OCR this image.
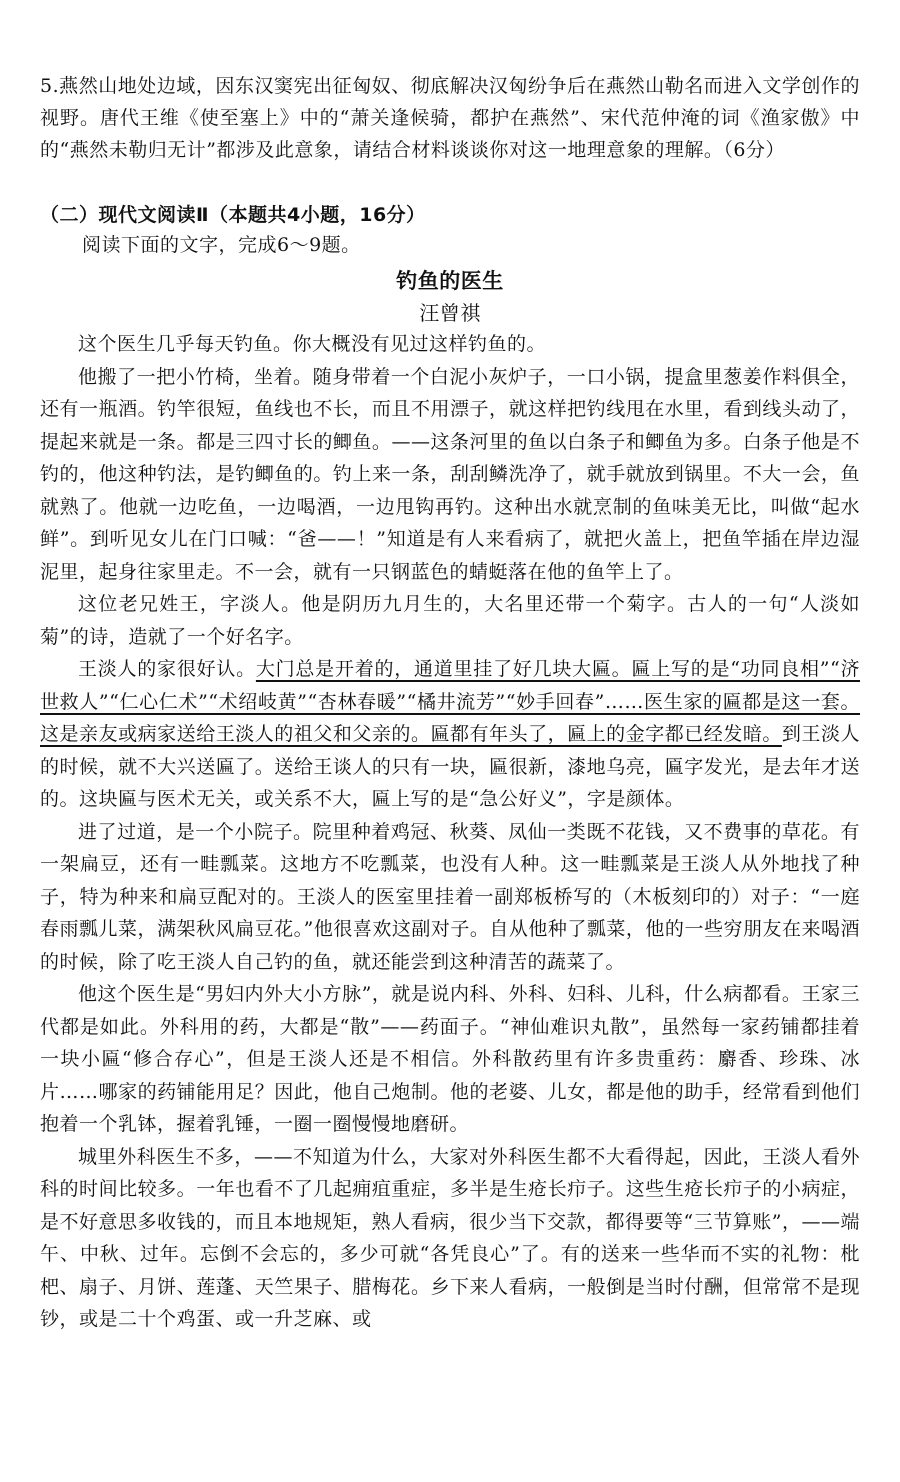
5.燕然山地处边域，因东汉窦宪出征匈奴、彻底解决汉匈纷争后在燕然山勒名而进入文学创作的视野。唐代王维《使至塞上》中的“萧关逢候骑，都护在燕然”、宋代范仲淹的词《渔家傲》中的“燕然未勒归无计”都涉及此意象，请结合材料谈谈你对这一地理意象的理解。（6分）

（二）现代文阅读Ⅱ（本题共4小题，16分）

阅读下面的文字，完成6～9题。

钓鱼的医生
汪曾祺

这个医生几乎每天钓鱼。你大概没有见过这样钓鱼的。

他搬了一把小竹椅，坐着。随身带着一个白泥小灰炉子，一口小锅，提盒里葱姜作料俱全，还有一瓶酒。钓竿很短，鱼线也不长，而且不用漂子，就这样把钓线甩在水里，看到线头动了，提起来就是一条。都是三四寸长的鲫鱼。——这条河里的鱼以白条子和鲫鱼为多。白条子他是不钓的，他这种钓法，是钓鲫鱼的。钓上来一条，刮刮鳞洗净了，就手就放到锅里。不大一会，鱼就熟了。他就一边吃鱼，一边喝酒，一边甩钩再钓。这种出水就烹制的鱼味美无比，叫做“起水鲜”。到听见女儿在门口喊：“爸——！”知道是有人来看病了，就把火盖上，把鱼竿插在岸边湿泥里，起身往家里走。不一会，就有一只钢蓝色的蜻蜓落在他的鱼竿上了。

这位老兄姓王，字淡人。他是阴历九月生的，大名里还带一个菊字。古人的一句“人淡如菊”的诗，造就了一个好名字。

王淡人的家很好认。大门总是开着的，通道里挂了好几块大匾。匾上写的是“功同良相”“济世救人”“仁心仁术”“术绍岐黄”“杏林春暖”“橘井流芳”“妙手回春”……医生家的匾都是这一套。这是亲友或病家送给王淡人的祖父和父亲的。匾都有年头了，匾上的金字都已经发暗。到王淡人的时候，就不大兴送匾了。送给王谈人的只有一块，匾很新，漆地乌亮，匾字发光，是去年才送的。这块匾与医术无关，或关系不大，匾上写的是“急公好义”，字是颜体。

进了过道，是一个小院子。院里种着鸡冠、秋葵、凤仙一类既不花钱，又不费事的草花。有一架扁豆，还有一畦瓢菜。这地方不吃瓢菜，也没有人种。这一畦瓢菜是王淡人从外地找了种子，特为种来和扁豆配对的。王淡人的医室里挂着一副郑板桥写的（木板刻印的）对子：“一庭春雨瓢儿菜，满架秋风扁豆花。”他很喜欢这副对子。自从他种了瓢菜，他的一些穷朋友在来喝酒的时候，除了吃王淡人自己钓的鱼，就还能尝到这种清苦的蔬菜了。

他这个医生是“男妇内外大小方脉”，就是说内科、外科、妇科、儿科，什么病都看。王家三代都是如此。外科用的药，大都是“散”——药面子。“神仙难识丸散”，虽然每一家药铺都挂着一块小匾“修合存心”，但是王淡人还是不相信。外科散药里有许多贵重药：麝香、珍珠、冰片……哪家的药铺能用足？因此，他自己炮制。他的老婆、儿女，都是他的助手，经常看到他们抱着一个乳钵，握着乳锤，一圈一圈慢慢地磨研。

城里外科医生不多，——不知道为什么，大家对外科医生都不大看得起，因此，王淡人看外科的时间比较多。一年也看不了几起痈疽重症，多半是生疮长疖子。这些生疮长疖子的小病症，是不好意思多收钱的，而且本地规矩，熟人看病，很少当下交款，都得要等“三节算账”，——端午、中秋、过年。忘倒不会忘的，多少可就“各凭良心”了。有的送来一些华而不实的礼物：枇杷、扇子、月饼、莲蓬、天竺果子、腊梅花。乡下来人看病，一般倒是当时付酬，但常常不是现钞，或是二十个鸡蛋、或一升芝麻、或
